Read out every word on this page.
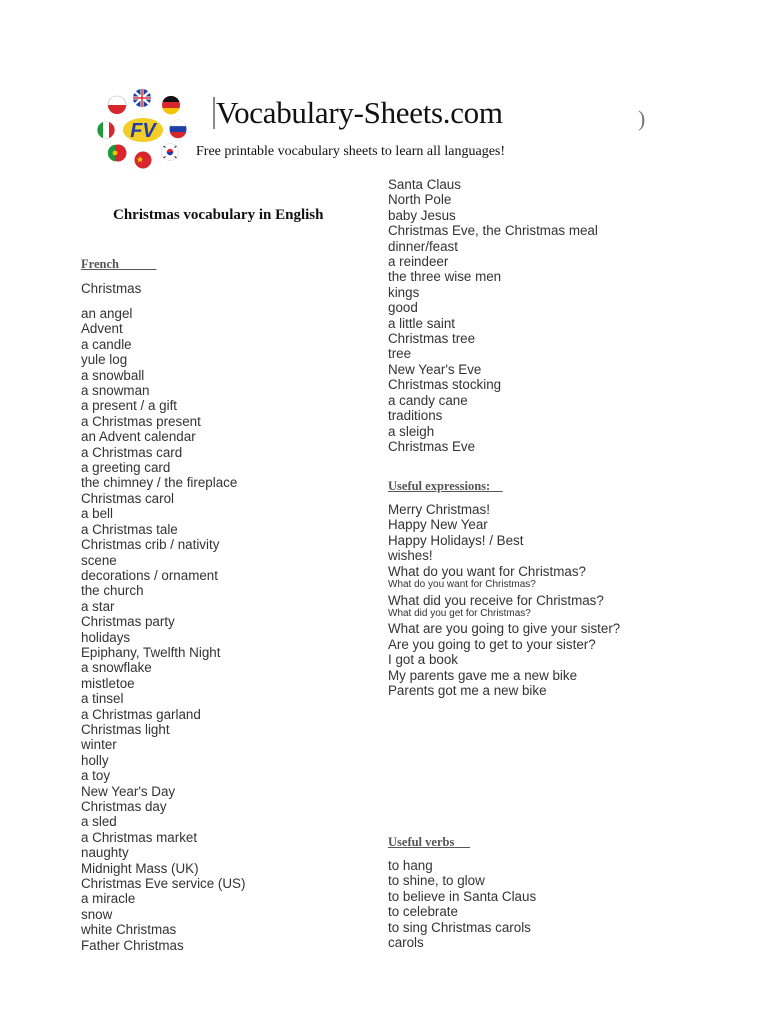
FV
Vocabulary-Sheets.com	)
Free printable vocabulary sheets to learn all languages!
Christmas vocabulary in English
French
Christmas
an angel
Advent
a candle
yule log
a snowball
a snowman
a present / a gift
a Christmas present
an Advent calendar
a Christmas card
a greeting card
the chimney / the fireplace
Christmas carol
a bell
a Christmas tale
Christmas crib / nativity
scene
decorations / ornament
the church
a star
Christmas party
holidays
Epiphany, Twelfth Night
a snowflake
mistletoe
a tinsel
a Christmas garland
Christmas light
winter
holly
a toy
New Year's Day
Christmas day
a sled
a Christmas market
naughty
Midnight Mass (UK)
Christmas Eve service (US)
a miracle
snow
white Christmas
Father Christmas
Santa Claus
North Pole
baby Jesus
Christmas Eve, the Christmas meal
dinner/feast
a reindeer
the three wise men
kings
good
a little saint
Christmas tree
tree
New Year's Eve
Christmas stocking
a candy cane
traditions
a sleigh
Christmas Eve
Useful expressions:
Merry Christmas!
Happy New Year
Happy Holidays! / Best
wishes!
What do you want for Christmas?
What do you want for Christmas?
What did you receive for Christmas?
What did you get for Christmas?
What are you going to give your sister?
Are you going to get to your sister?
I got a book
My parents gave me a new bike
Parents got me a new bike
Useful verbs
to hang
to shine, to glow
to believe in Santa Claus
to celebrate
to sing Christmas carols
carols
